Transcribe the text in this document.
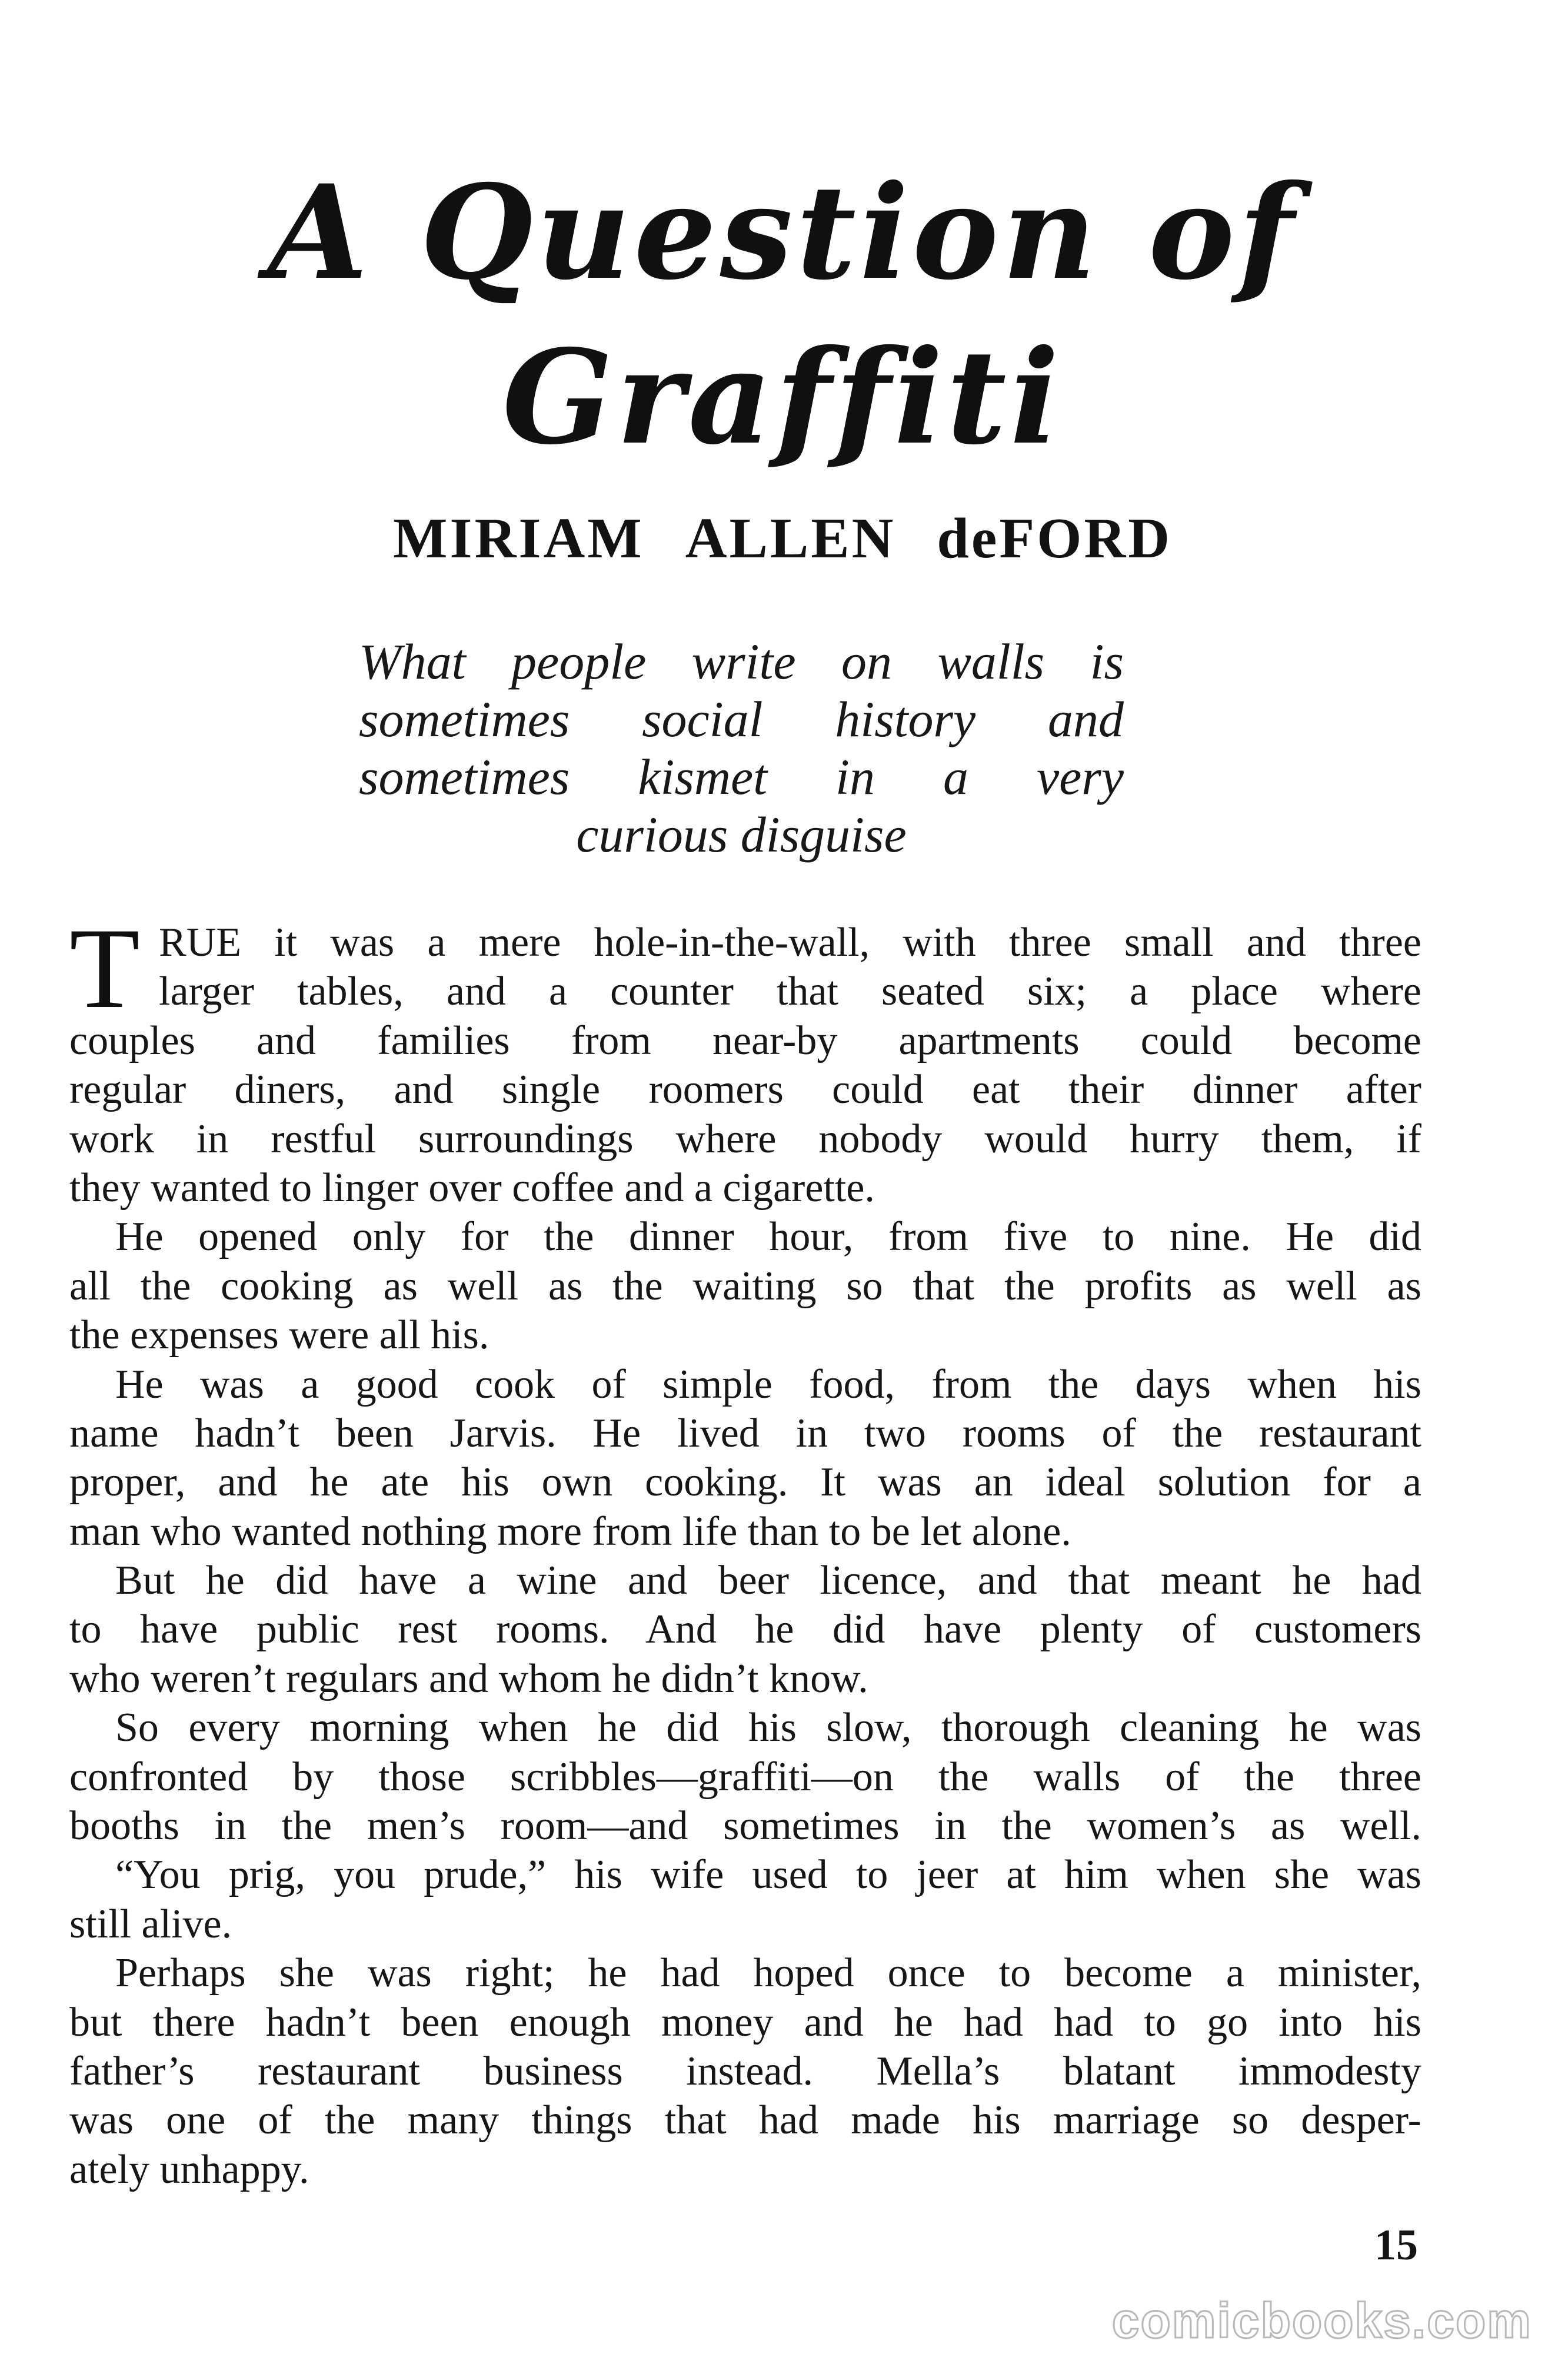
A Question of
Graffiti
MIRIAM ALLEN deFORD
What people write on walls is
sometimes social history and
sometimes kismet in a very
curious disguise
T RUE it was a mere hole-in-the-wall, with three small and three
larger tables, and a counter that seated six; a place where
couples and families from near-by apartments could become
regular diners, and single roomers could eat their dinner after
work in restful surroundings where nobody would hurry them, if
they wanted to linger over coffee and a cigarette.
He opened only for the dinner hour, from five to nine. He did
all the cooking as well as the waiting so that the profits as well as
the expenses were all his.
He was a good cook of simple food, from the days when his
name hadn’t been Jarvis. He lived in two rooms of the restaurant
proper, and he ate his own cooking. It was an ideal solution for a
man who wanted nothing more from life than to be let alone.
But he did have a wine and beer licence, and that meant he had
to have public rest rooms. And he did have plenty of customers
who weren’t regulars and whom he didn’t know.
So every morning when he did his slow, thorough cleaning he was
confronted by those scribbles—graffiti—on the walls of the three
booths in the men’s room—and sometimes in the women’s as well.
“You prig, you prude,” his wife used to jeer at him when she was
still alive.
Perhaps she was right; he had hoped once to become a minister,
but there hadn’t been enough money and he had had to go into his
father’s restaurant business instead. Mella’s blatant immodesty
was one of the many things that had made his marriage so desper-
ately unhappy.
15
comicbooks.com
